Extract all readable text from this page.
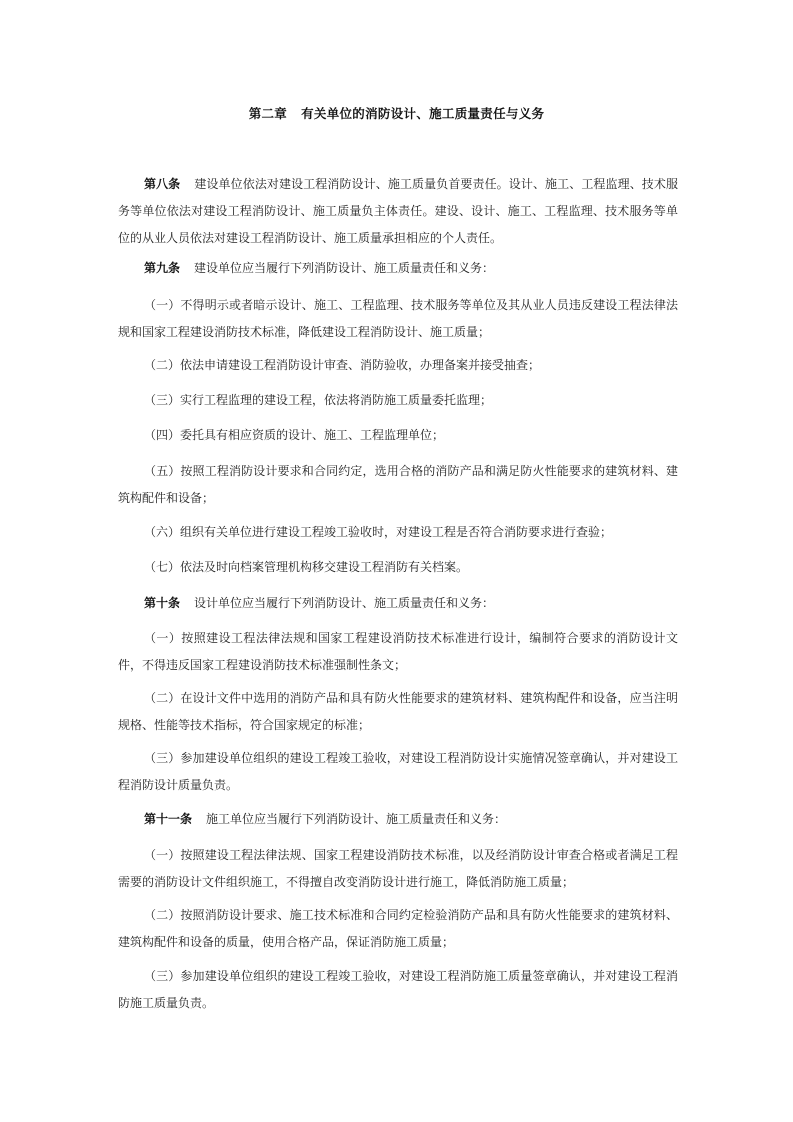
第二章 有关单位的消防设计、施工质量责任与义务

第八条 建设单位依法对建设工程消防设计、施工质量负首要责任。设计、施工、工程监理、技术服务等单位依法对建设工程消防设计、施工质量负主体责任。建设、设计、施工、工程监理、技术服务等单位的从业人员依法对建设工程消防设计、施工质量承担相应的个人责任。

第九条 建设单位应当履行下列消防设计、施工质量责任和义务：

（一）不得明示或者暗示设计、施工、工程监理、技术服务等单位及其从业人员违反建设工程法律法规和国家工程建设消防技术标准，降低建设工程消防设计、施工质量；

（二）依法申请建设工程消防设计审查、消防验收，办理备案并接受抽查；

（三）实行工程监理的建设工程，依法将消防施工质量委托监理；

（四）委托具有相应资质的设计、施工、工程监理单位；

（五）按照工程消防设计要求和合同约定，选用合格的消防产品和满足防火性能要求的建筑材料、建筑构配件和设备；

（六）组织有关单位进行建设工程竣工验收时，对建设工程是否符合消防要求进行查验；

（七）依法及时向档案管理机构移交建设工程消防有关档案。

第十条 设计单位应当履行下列消防设计、施工质量责任和义务：

（一）按照建设工程法律法规和国家工程建设消防技术标准进行设计，编制符合要求的消防设计文件，不得违反国家工程建设消防技术标准强制性条文；

（二）在设计文件中选用的消防产品和具有防火性能要求的建筑材料、建筑构配件和设备，应当注明规格、性能等技术指标，符合国家规定的标准；

（三）参加建设单位组织的建设工程竣工验收，对建设工程消防设计实施情况签章确认，并对建设工程消防设计质量负责。

第十一条 施工单位应当履行下列消防设计、施工质量责任和义务：

（一）按照建设工程法律法规、国家工程建设消防技术标准，以及经消防设计审查合格或者满足工程需要的消防设计文件组织施工，不得擅自改变消防设计进行施工，降低消防施工质量；

（二）按照消防设计要求、施工技术标准和合同约定检验消防产品和具有防火性能要求的建筑材料、建筑构配件和设备的质量，使用合格产品，保证消防施工质量；

（三）参加建设单位组织的建设工程竣工验收，对建设工程消防施工质量签章确认，并对建设工程消防施工质量负责。
